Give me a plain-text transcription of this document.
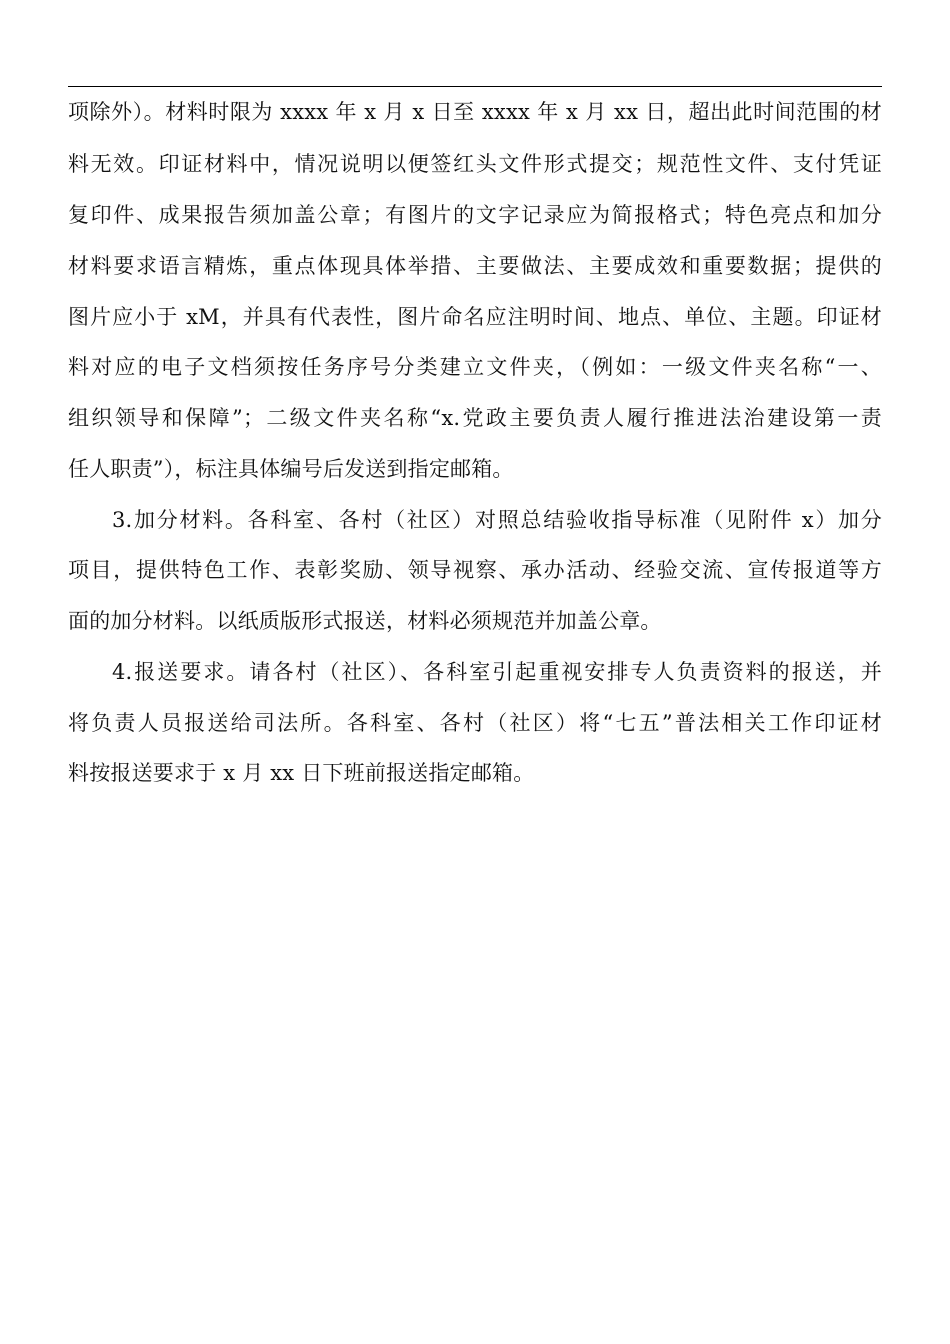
项除外）。材料时限为 xxxx 年 x 月 x 日至 xxxx 年 x 月 xx 日，超出此时间范围的材
料无效。印证材料中，情况说明以便签红头文件形式提交；规范性文件、支付凭证
复印件、成果报告须加盖公章；有图片的文字记录应为简报格式；特色亮点和加分
材料要求语言精炼，重点体现具体举措、主要做法、主要成效和重要数据；提供的
图片应小于 xM，并具有代表性，图片命名应注明时间、地点、单位、主题。印证材
料对应的电子文档须按任务序号分类建立文件夹，（例如：一级文件夹名称“一、
组织领导和保障”；二级文件夹名称“x.党政主要负责人履行推进法治建设第一责
任人职责”），标注具体编号后发送到指定邮箱。
3.加分材料。各科室、各村（社区）对照总结验收指导标准（见附件 x）加分
项目，提供特色工作、表彰奖励、领导视察、承办活动、经验交流、宣传报道等方
面的加分材料。以纸质版形式报送，材料必须规范并加盖公章。
4.报送要求。请各村（社区）、各科室引起重视安排专人负责资料的报送，并
将负责人员报送给司法所。各科室、各村（社区）将“七五”普法相关工作印证材
料按报送要求于 x 月 xx 日下班前报送指定邮箱。
